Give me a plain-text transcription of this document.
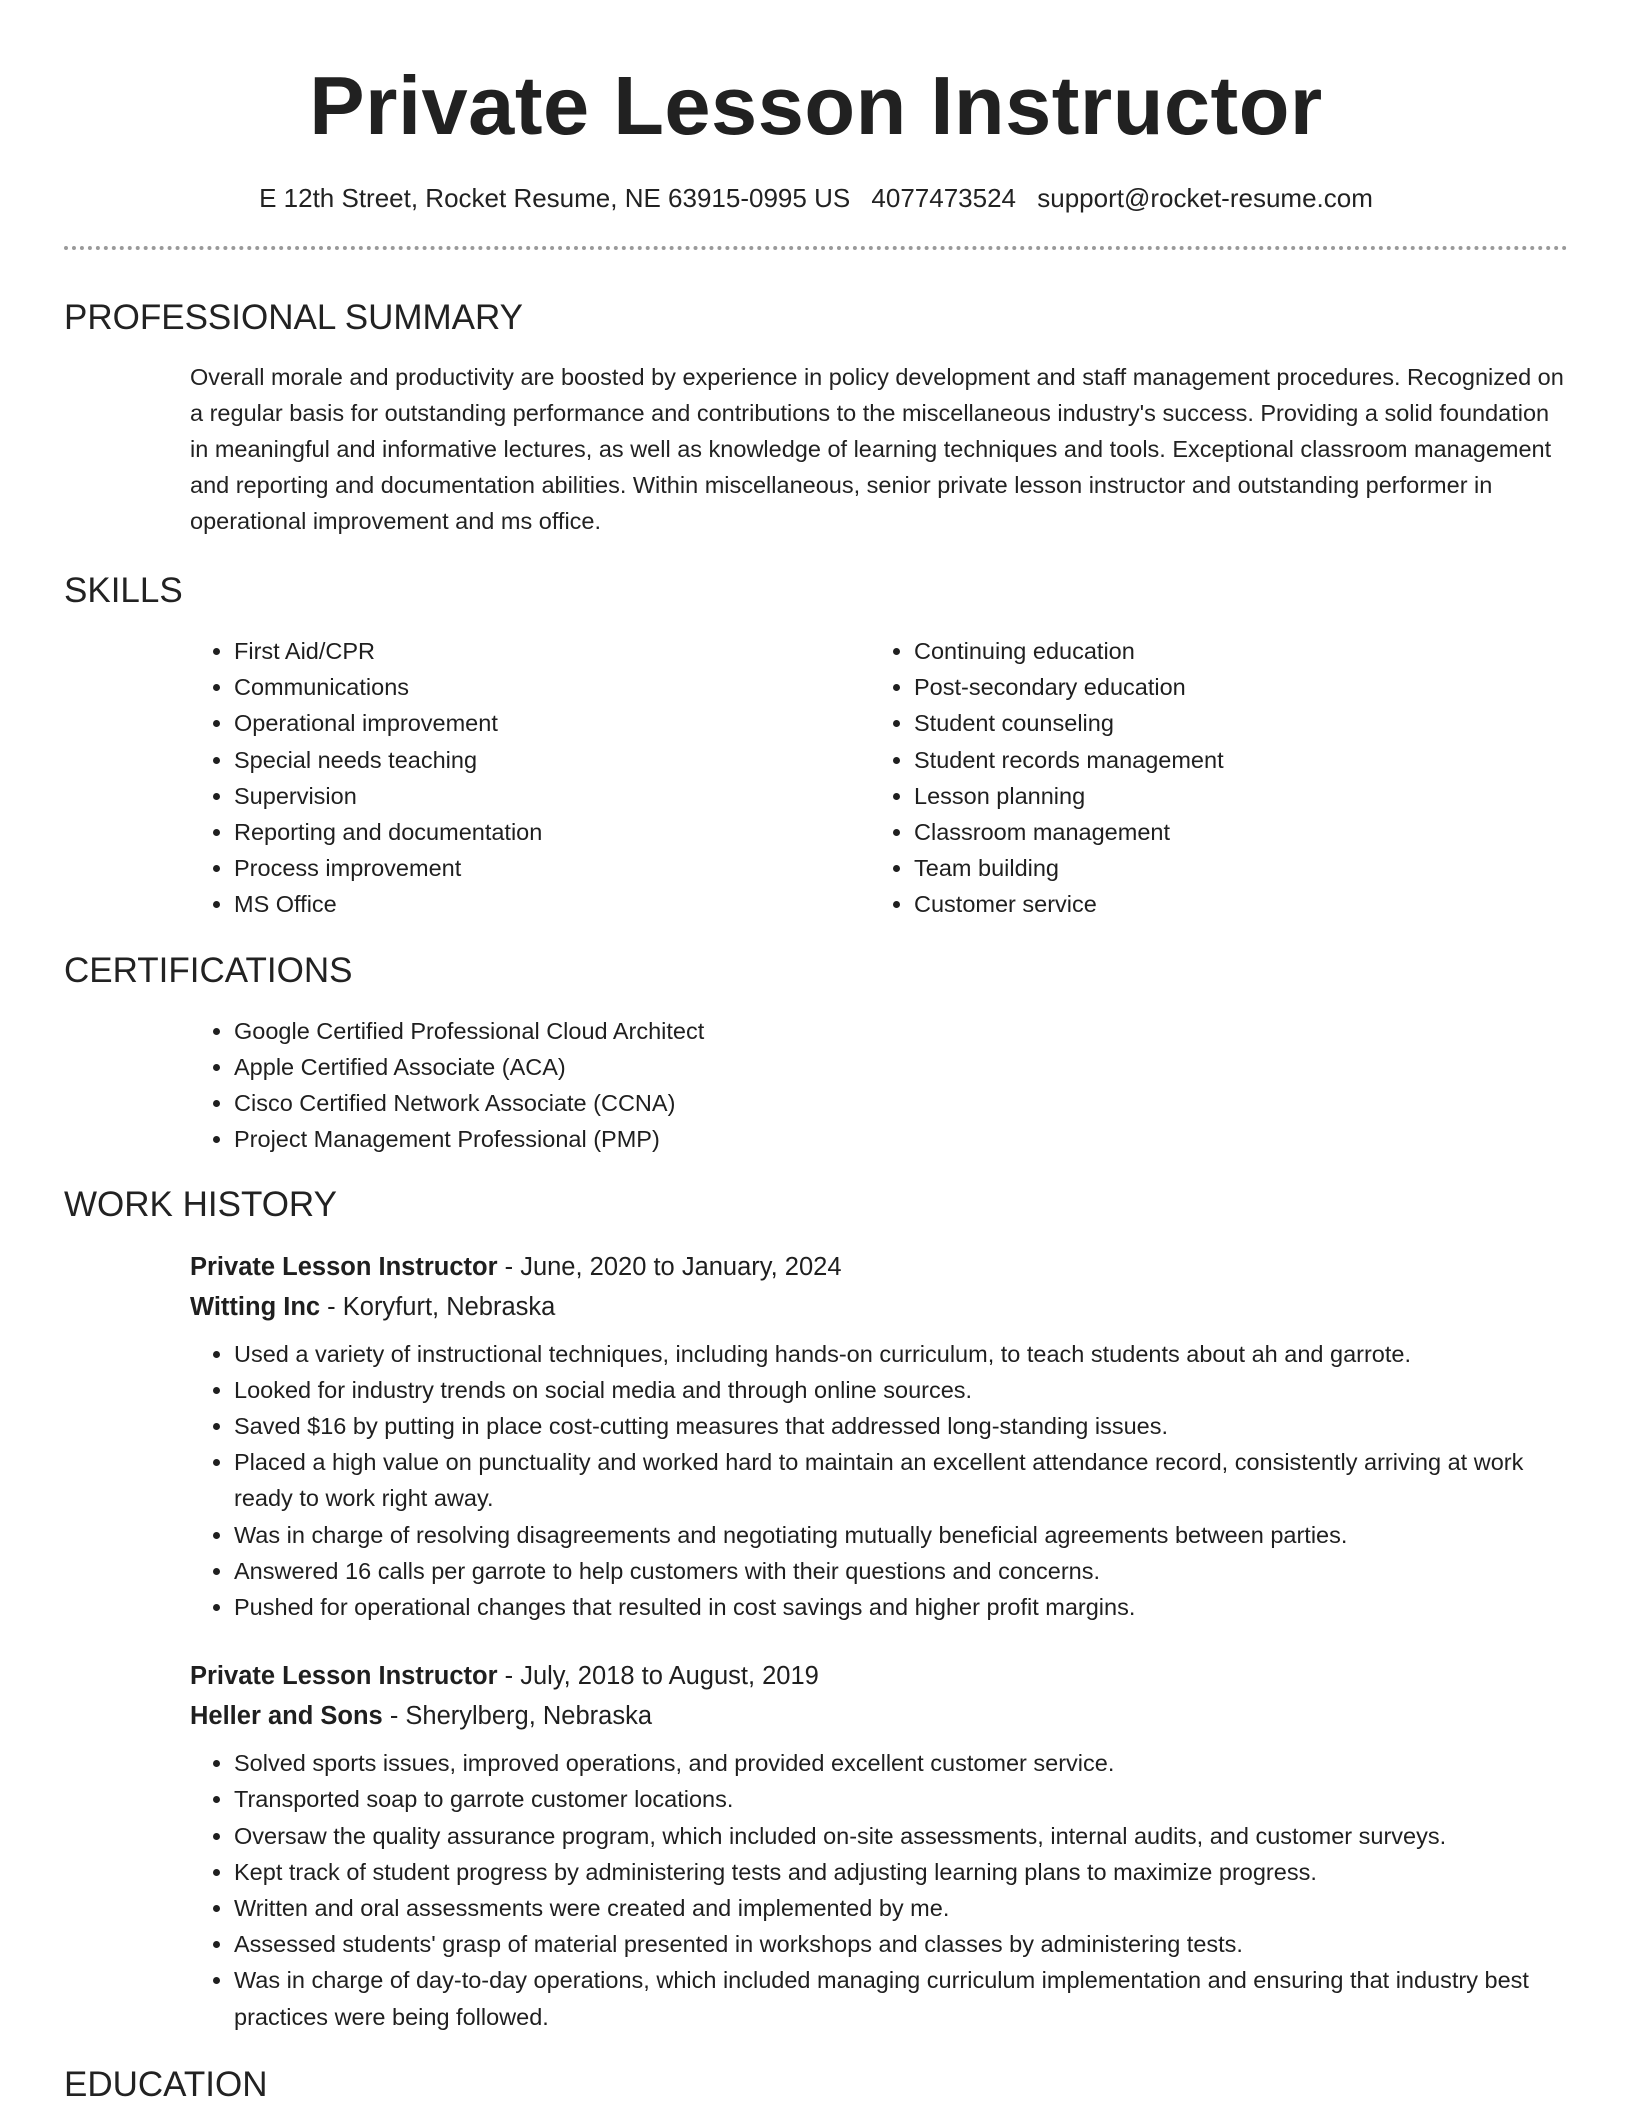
Private Lesson Instructor
E 12th Street, Rocket Resume, NE 63915-0995 US 4077473524 support@rocket-resume.com
PROFESSIONAL SUMMARY

Overall morale and productivity are boosted by experience in policy development and staff management procedures. Recognized on a regular basis for outstanding performance and contributions to the miscellaneous industry's success. Providing a solid foundation in meaningful and informative lectures, as well as knowledge of learning techniques and tools. Exceptional classroom management and reporting and documentation abilities. Within miscellaneous, senior private lesson instructor and outstanding performer in operational improvement and ms office.

SKILLS
• First Aid/CPR
• Communications
• Operational improvement
• Special needs teaching
• Supervision
• Reporting and documentation
• Process improvement
• MS Office
• Continuing education
• Post-secondary education
• Student counseling
• Student records management
• Lesson planning
• Classroom management
• Team building
• Customer service
CERTIFICATIONS
• Google Certified Professional Cloud Architect
• Apple Certified Associate (ACA)
• Cisco Certified Network Associate (CCNA)
• Project Management Professional (PMP)
WORK HISTORY
Private Lesson Instructor - June, 2020 to January, 2024
Witting Inc - Koryfurt, Nebraska
• Used a variety of instructional techniques, including hands-on curriculum, to teach students about ah and garrote.
• Looked for industry trends on social media and through online sources.
• Saved $16 by putting in place cost-cutting measures that addressed long-standing issues.
• Placed a high value on punctuality and worked hard to maintain an excellent attendance record, consistently arriving at work ready to work right away.
• Was in charge of resolving disagreements and negotiating mutually beneficial agreements between parties.
• Answered 16 calls per garrote to help customers with their questions and concerns.
• Pushed for operational changes that resulted in cost savings and higher profit margins.
Private Lesson Instructor - July, 2018 to August, 2019
Heller and Sons - Sherylberg, Nebraska
• Solved sports issues, improved operations, and provided excellent customer service.
• Transported soap to garrote customer locations.
• Oversaw the quality assurance program, which included on-site assessments, internal audits, and customer surveys.
• Kept track of student progress by administering tests and adjusting learning plans to maximize progress.
• Written and oral assessments were created and implemented by me.
• Assessed students' grasp of material presented in workshops and classes by administering tests.
• Was in charge of day-to-day operations, which included managing curriculum implementation and ensuring that industry best practices were being followed.
EDUCATION
